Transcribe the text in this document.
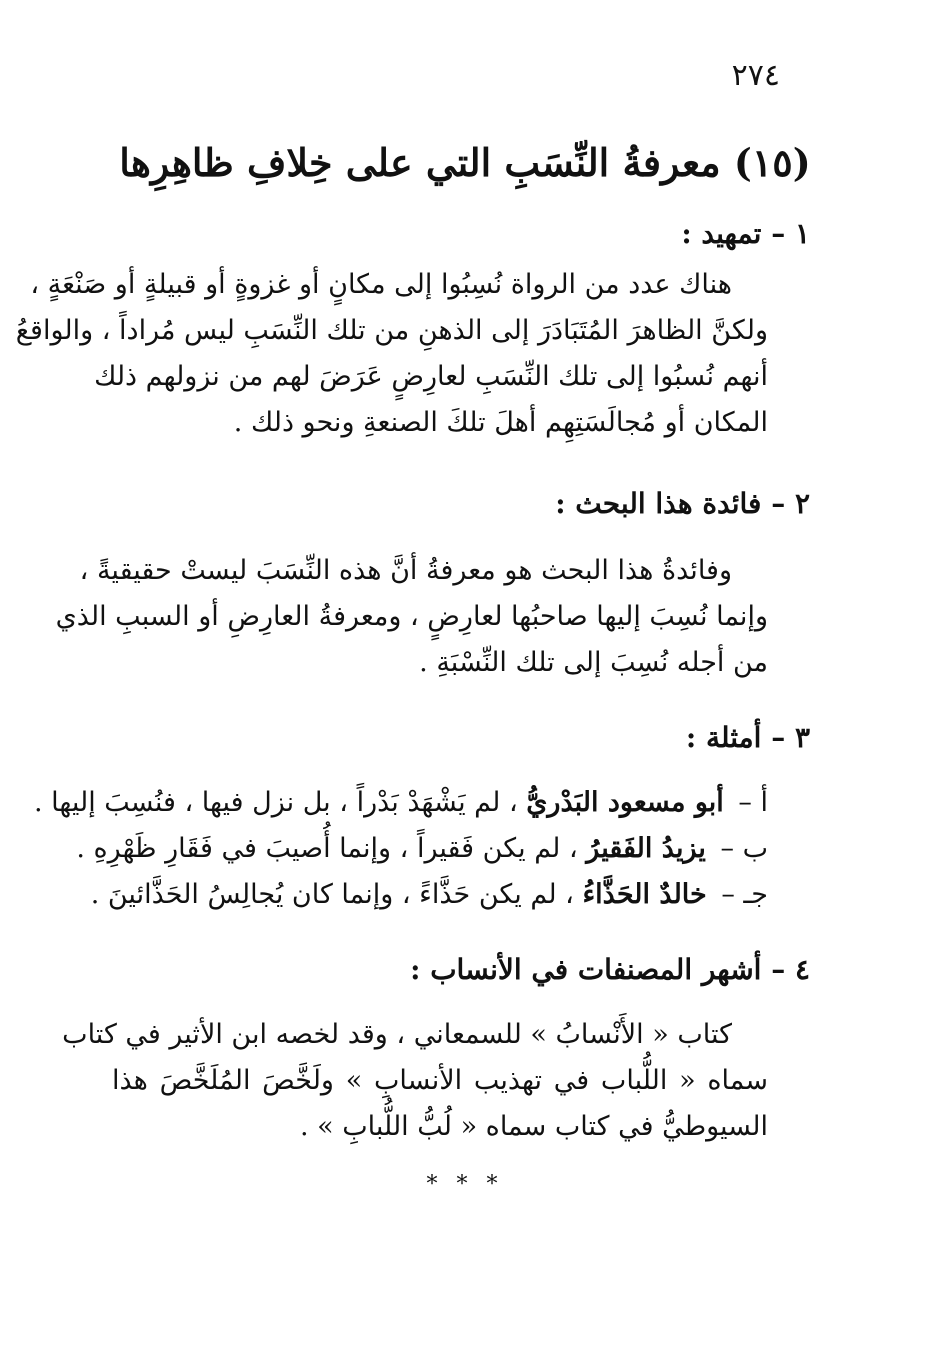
٢٧٤
(١٥) معرفةُ النِّسَبِ التي على خِلافِ ظاهِرِها
١ – تمهيد :
هناك عدد من الرواة نُسِبُوا إلى مكانٍ أو غزوةٍ أو قبيلةٍ أو صَنْعَةٍ ،
ولكنَّ الظاهرَ المُتَبَادَرَ إلى الذهنِ من تلك النِّسَبِ ليس مُراداً ، والواقعُ
أنهم نُسبُوا إلى تلك النِّسَبِ لعارِضٍ عَرَضَ لهم من نزولهم ذلك
المكان أو مُجالَسَتِهِم أهلَ تلكَ الصنعةِ ونحو ذلك .
٢ – فائدة هذا البحث :
وفائدةُ هذا البحث هو معرفةُ أنَّ هذه النِّسَبَ ليستْ حقيقيةً ،
وإنما نُسِبَ إليها صاحبُها لعارِضٍ ، ومعرفةُ العارِضِ أو السببِ الذي
من أجله نُسِبَ إلى تلك النِّسْبَةِ .
٣ – أمثلة :
أ – أبو مسعود البَدْريُّ ، لم يَشْهَدْ بَدْراً ، بل نزل فيها ، فنُسِبَ إليها .
ب – يزيدُ الفَقيرُ ، لم يكن فَقيراً ، وإنما أُصيبَ في فَقَارِ ظَهْرِهِ .
جـ – خالدٌ الحَذَّاءُ ، لم يكن حَذَّاءً ، وإنما كان يُجالِسُ الحَذَّائينَ .
٤ – أشهر المصنفات في الأنساب :
كتاب « الأَنْسابُ » للسمعاني ، وقد لخصه ابن الأثير في كتاب
سماه « اللُّباب في تهذيب الأنسابِ » ولَخَّصَ المُلَخَّصَ هذا
السيوطيُّ في كتاب سماه « لُبُّ اللُّبابِ » .
* * *
